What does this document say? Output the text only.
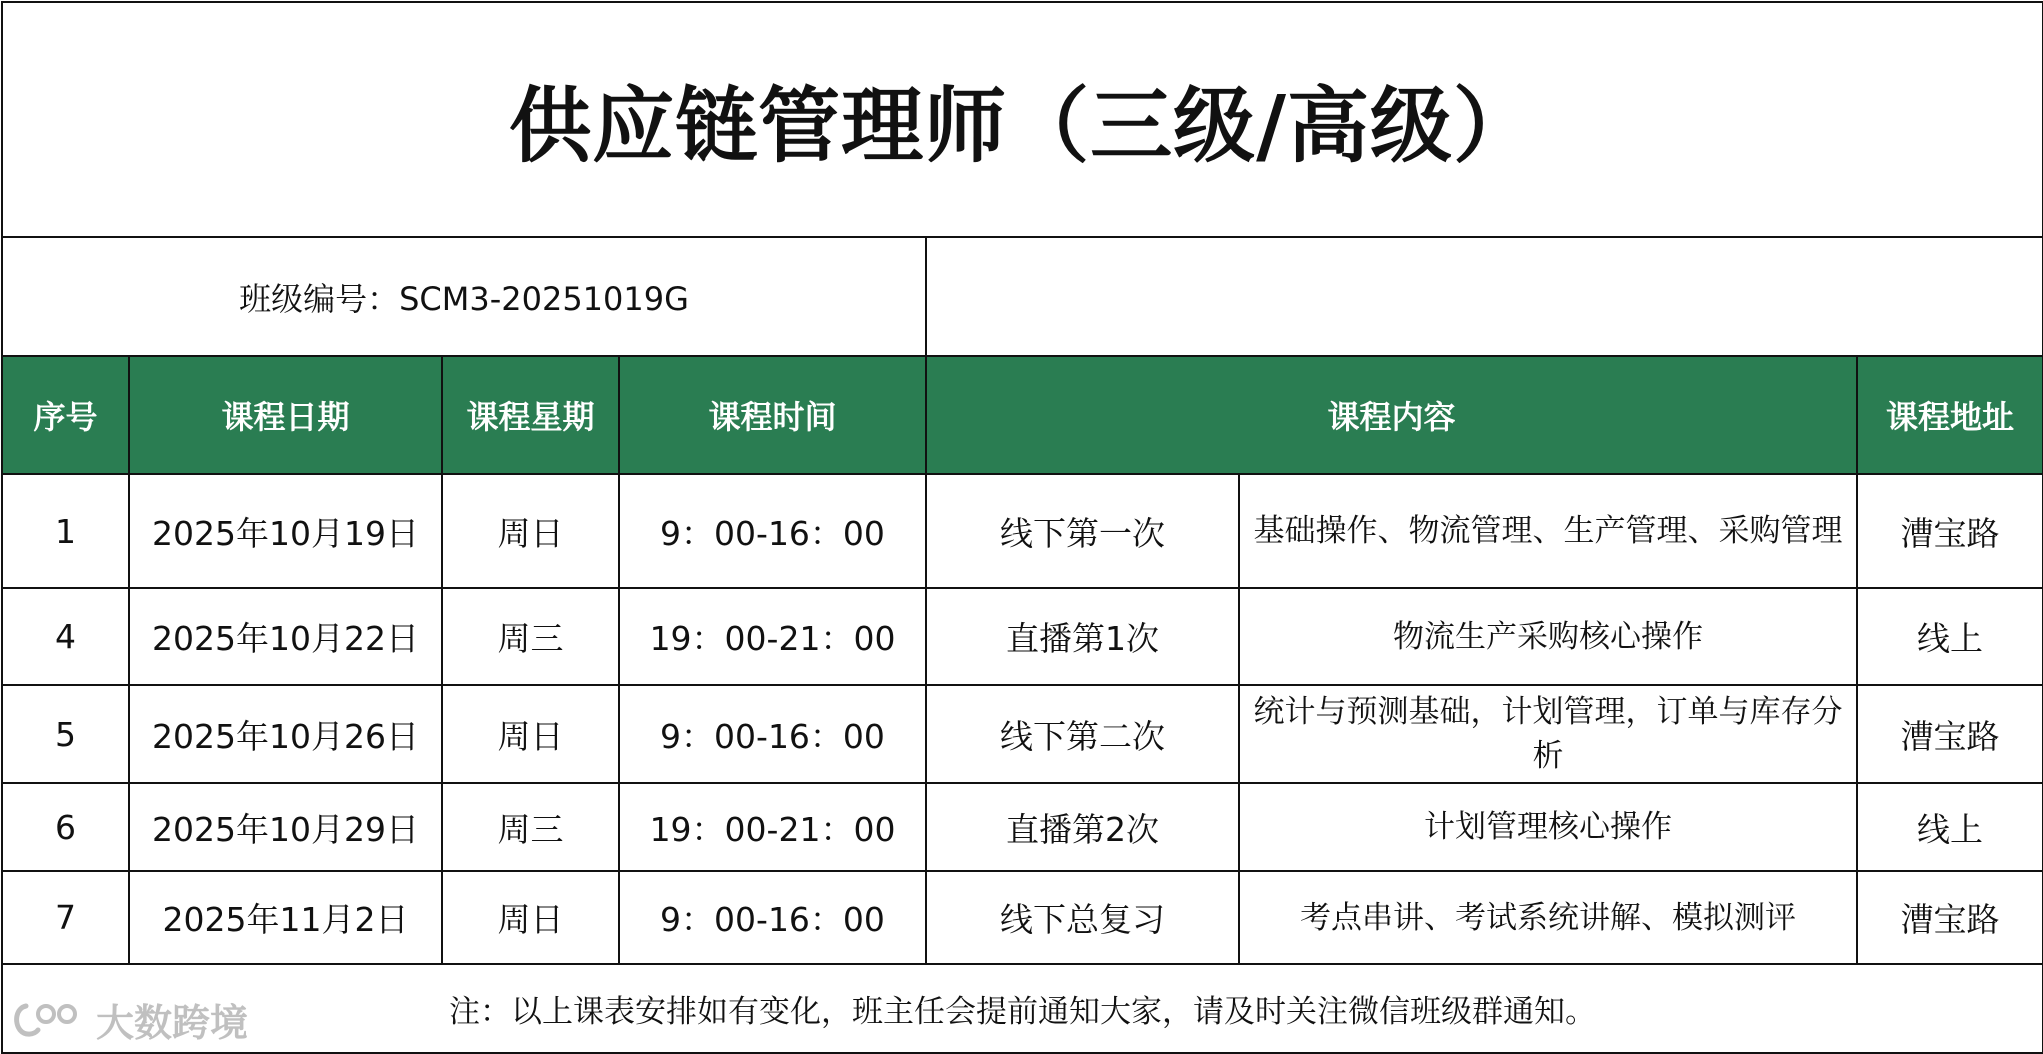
供应链管理师（三级/高级）						
班级编号：SCM3-20251019G						
序号	课程日期	课程星期	课程时间	课程内容		课程地址
1	2025年10月19日	周日	9：00-16：00	线下第一次	基础操作、物流管理、生产管理、采购管理	漕宝路
4	2025年10月22日	周三	19：00-21：00	直播第1次	物流生产采购核心操作	线上
5	2025年10月26日	周日	9：00-16：00	线下第二次	统计与预测基础，计划管理，订单与库存分析	漕宝路
6	2025年10月29日	周三	19：00-21：00	直播第2次	计划管理核心操作	线上
7	2025年11月2日	周日	9：00-16：00	线下总复习	考点串讲、考试系统讲解、模拟测评	漕宝路
注：以上课表安排如有变化，班主任会提前通知大家，请及时关注微信班级群通知。						
大数跨境
